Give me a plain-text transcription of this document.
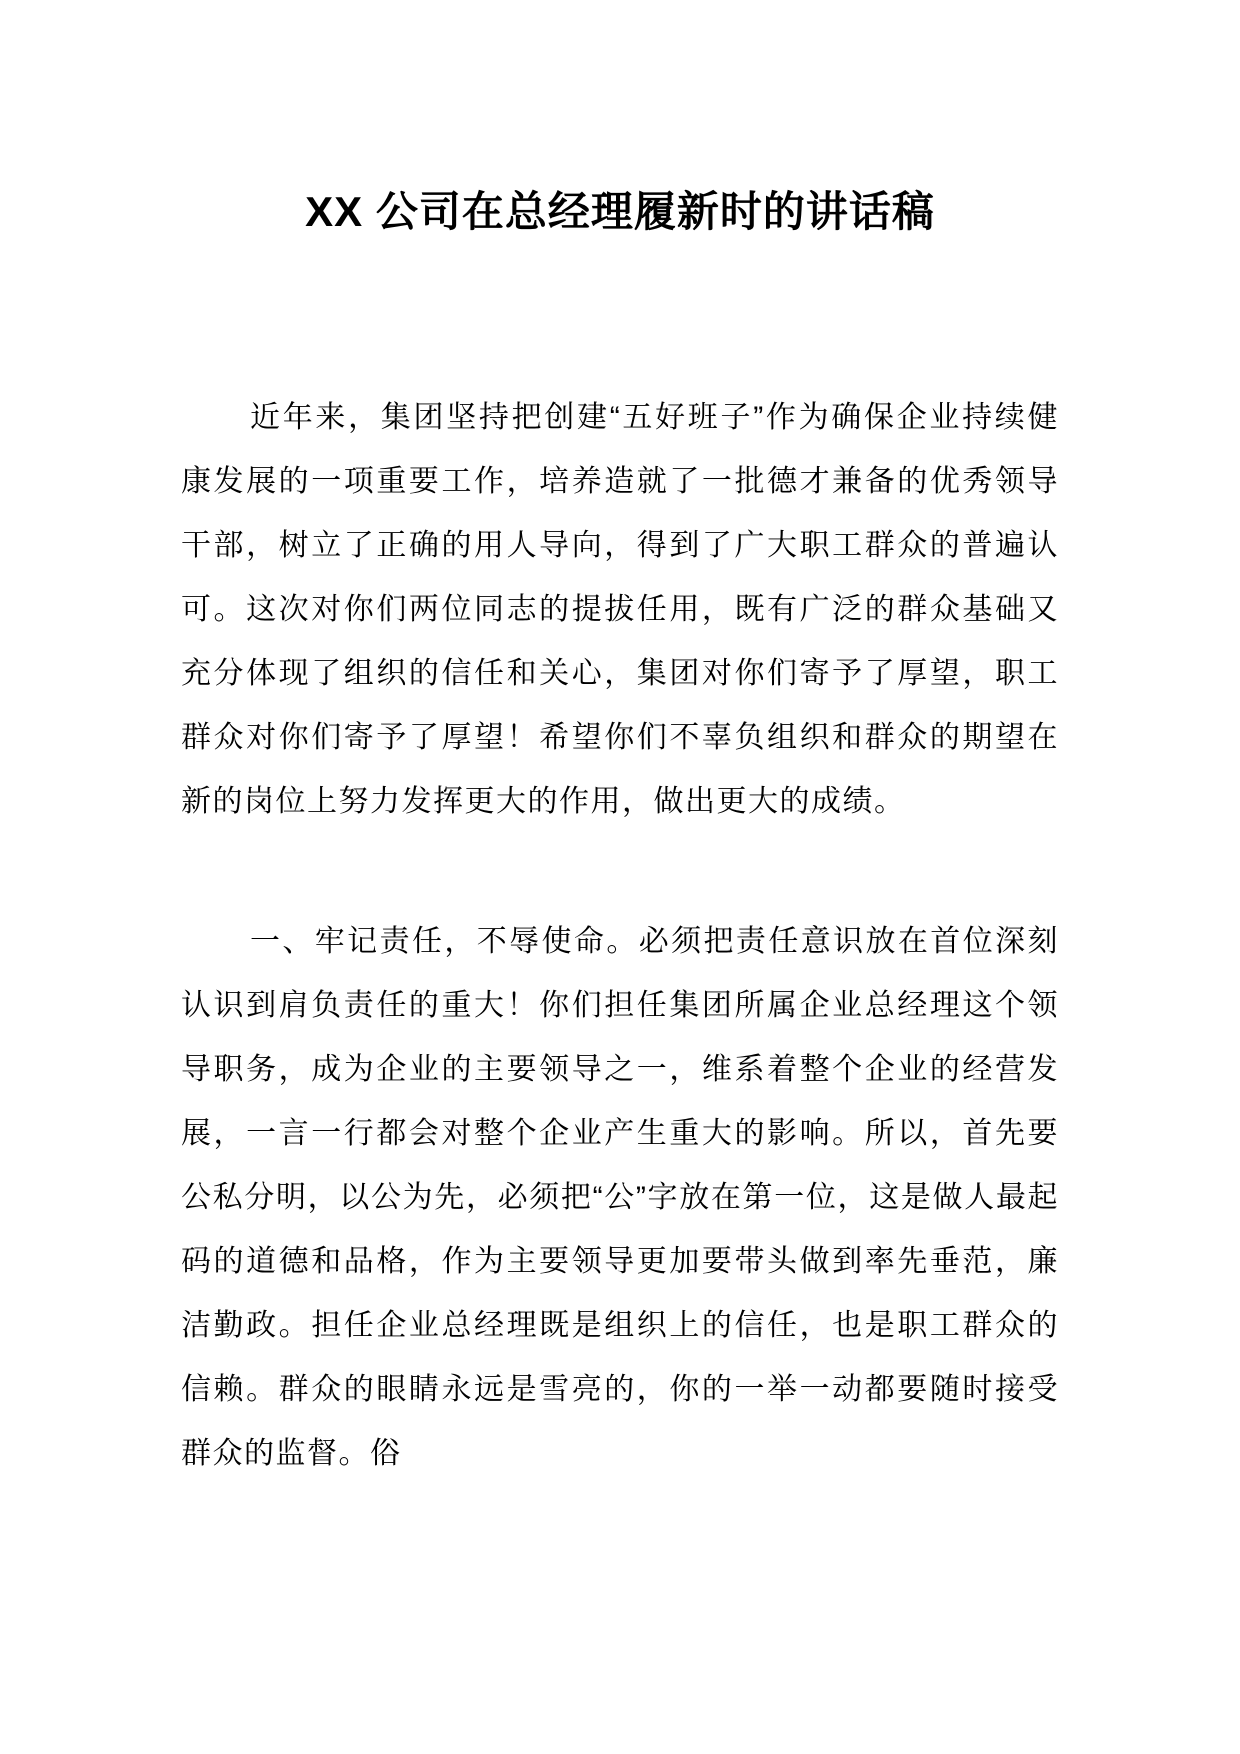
XX 公司在总经理履新时的讲话稿

近年来，集团坚持把创建“五好班子”作为确保企业持续健康发展的一项重要工作，培养造就了一批德才兼备的优秀领导干部，树立了正确的用人导向，得到了广大职工群众的普遍认可。这次对你们两位同志的提拔任用，既有广泛的群众基础又充分体现了组织的信任和关心，集团对你们寄予了厚望，职工群众对你们寄予了厚望！希望你们不辜负组织和群众的期望在新的岗位上努力发挥更大的作用，做出更大的成绩。

一、牢记责任，不辱使命。必须把责任意识放在首位深刻认识到肩负责任的重大！你们担任集团所属企业总经理这个领导职务，成为企业的主要领导之一，维系着整个企业的经营发展，一言一行都会对整个企业产生重大的影响。所以，首先要公私分明，以公为先，必须把“公”字放在第一位，这是做人最起码的道德和品格，作为主要领导更加要带头做到率先垂范，廉洁勤政。担任企业总经理既是组织上的信任，也是职工群众的信赖。群众的眼睛永远是雪亮的，你的一举一动都要随时接受群众的监督。俗
